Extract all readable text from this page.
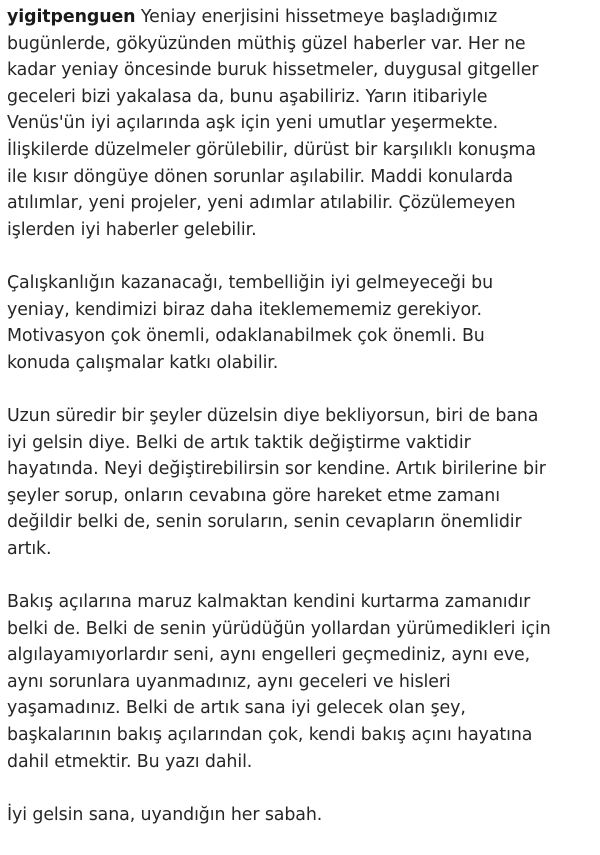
yigitpenguen Yeniay enerjisini hissetmeye başladığımız
bugünlerde, gökyüzünden müthiş güzel haberler var. Her ne
kadar yeniay öncesinde buruk hissetmeler, duygusal gitgeller
geceleri bizi yakalasa da, bunu aşabiliriz. Yarın itibariyle
Venüs'ün iyi açılarında aşk için yeni umutlar yeşermekte.
İlişkilerde düzelmeler görülebilir, dürüst bir karşılıklı konuşma
ile kısır döngüye dönen sorunlar aşılabilir. Maddi konularda
atılımlar, yeni projeler, yeni adımlar atılabilir. Çözülemeyen
işlerden iyi haberler gelebilir.
Çalışkanlığın kazanacağı, tembelliğin iyi gelmeyeceği bu
yeniay, kendimizi biraz daha iteklemememiz gerekiyor.
Motivasyon çok önemli, odaklanabilmek çok önemli. Bu
konuda çalışmalar katkı olabilir.
Uzun süredir bir şeyler düzelsin diye bekliyorsun, biri de bana
iyi gelsin diye. Belki de artık taktik değiştirme vaktidir
hayatında. Neyi değiştirebilirsin sor kendine. Artık birilerine bir
şeyler sorup, onların cevabına göre hareket etme zamanı
değildir belki de, senin soruların, senin cevapların önemlidir
artık.
Bakış açılarına maruz kalmaktan kendini kurtarma zamanıdır
belki de. Belki de senin yürüdüğün yollardan yürümedikleri için
algılayamıyorlardır seni, aynı engelleri geçmediniz, aynı eve,
aynı sorunlara uyanmadınız, aynı geceleri ve hisleri
yaşamadınız. Belki de artık sana iyi gelecek olan şey,
başkalarının bakış açılarından çok, kendi bakış açını hayatına
dahil etmektir. Bu yazı dahil.
İyi gelsin sana, uyandığın her sabah.
